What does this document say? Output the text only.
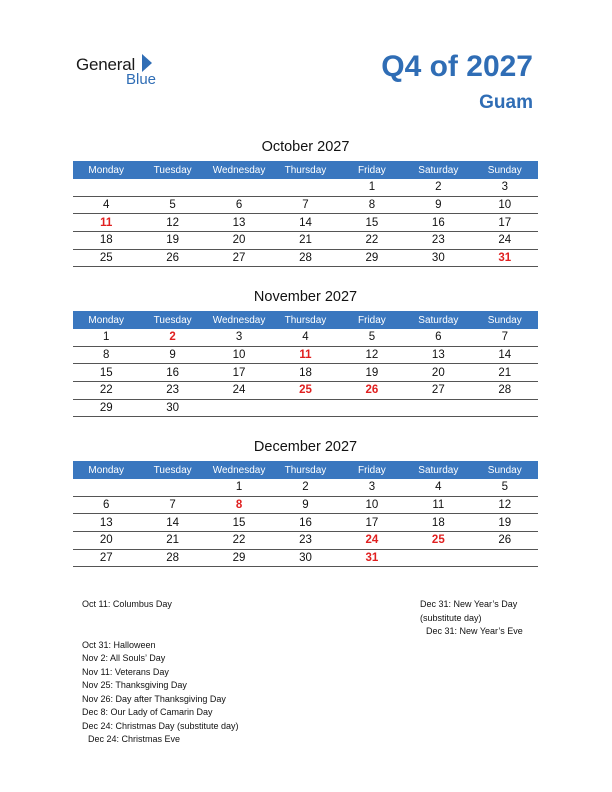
General
Blue	Q4 of 2027
Guam
October 2027
Monday	Tuesday	Wednesday	Thursday	Friday	Saturday	Sunday
				1	2	3
4	5	6	7	8	9	10
11	12	13	14	15	16	17
18	19	20	21	22	23	24
25	26	27	28	29	30	31
November 2027
Monday	Tuesday	Wednesday	Thursday	Friday	Saturday	Sunday
1	2	3	4	5	6	7
8	9	10	11	12	13	14
15	16	17	18	19	20	21
22	23	24	25	26	27	28
29	30					
December 2027
Monday	Tuesday	Wednesday	Thursday	Friday	Saturday	Sunday
		1	2	3	4	5
6	7	8	9	10	11	12
13	14	15	16	17	18	19
20	21	22	23	24	25	26
27	28	29	30	31		
Oct 11: Columbus Day
Oct 31: Halloween
Nov 2: All Souls’ Day
Nov 11: Veterans Day
Nov 25: Thanksgiving Day
Nov 26: Day after Thanksgiving Day
Dec 8: Our Lady of Camarin Day
Dec 24: Christmas Day (substitute day)
Dec 24: Christmas Eve
Dec 31: New Year’s Day
(substitute day)
Dec 31: New Year’s Eve
